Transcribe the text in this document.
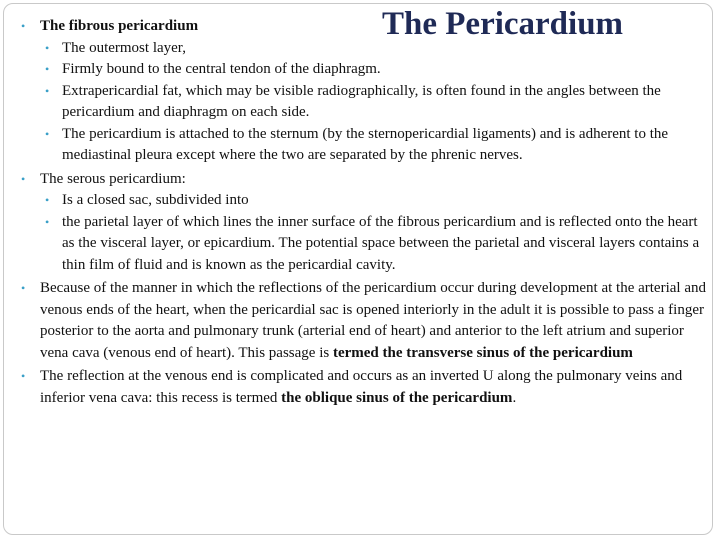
The Pericardium
• The fibrous pericardium
• The outermost layer,
• Firmly bound to the central tendon of the diaphragm.
• Extrapericardial fat, which may be visible radiographically, is often found in the angles between the pericardium and diaphragm on each side.
• The pericardium is attached to the sternum (by the sternopericardial ligaments) and is adherent to the mediastinal pleura except where the two are separated by the phrenic nerves.
• The serous pericardium:
• Is a closed sac, subdivided into
• the parietal layer of which lines the inner surface of the fibrous pericardium and is reflected onto the heart as the visceral layer, or epicardium. The potential space between the parietal and visceral layers contains a thin film of fluid and is known as the pericardial cavity.
• Because of the manner in which the reflections of the pericardium occur during development at the arterial and venous ends of the heart, when the pericardial sac is opened interiorly in the adult it is possible to pass a finger posterior to the aorta and pulmonary trunk (arterial end of heart) and anterior to the left atrium and superior vena cava (venous end of heart). This passage is termed the transverse sinus of the pericardium
• The reflection at the venous end is complicated and occurs as an inverted U along the pulmonary veins and inferior vena cava: this recess is termed the oblique sinus of the pericardium.
